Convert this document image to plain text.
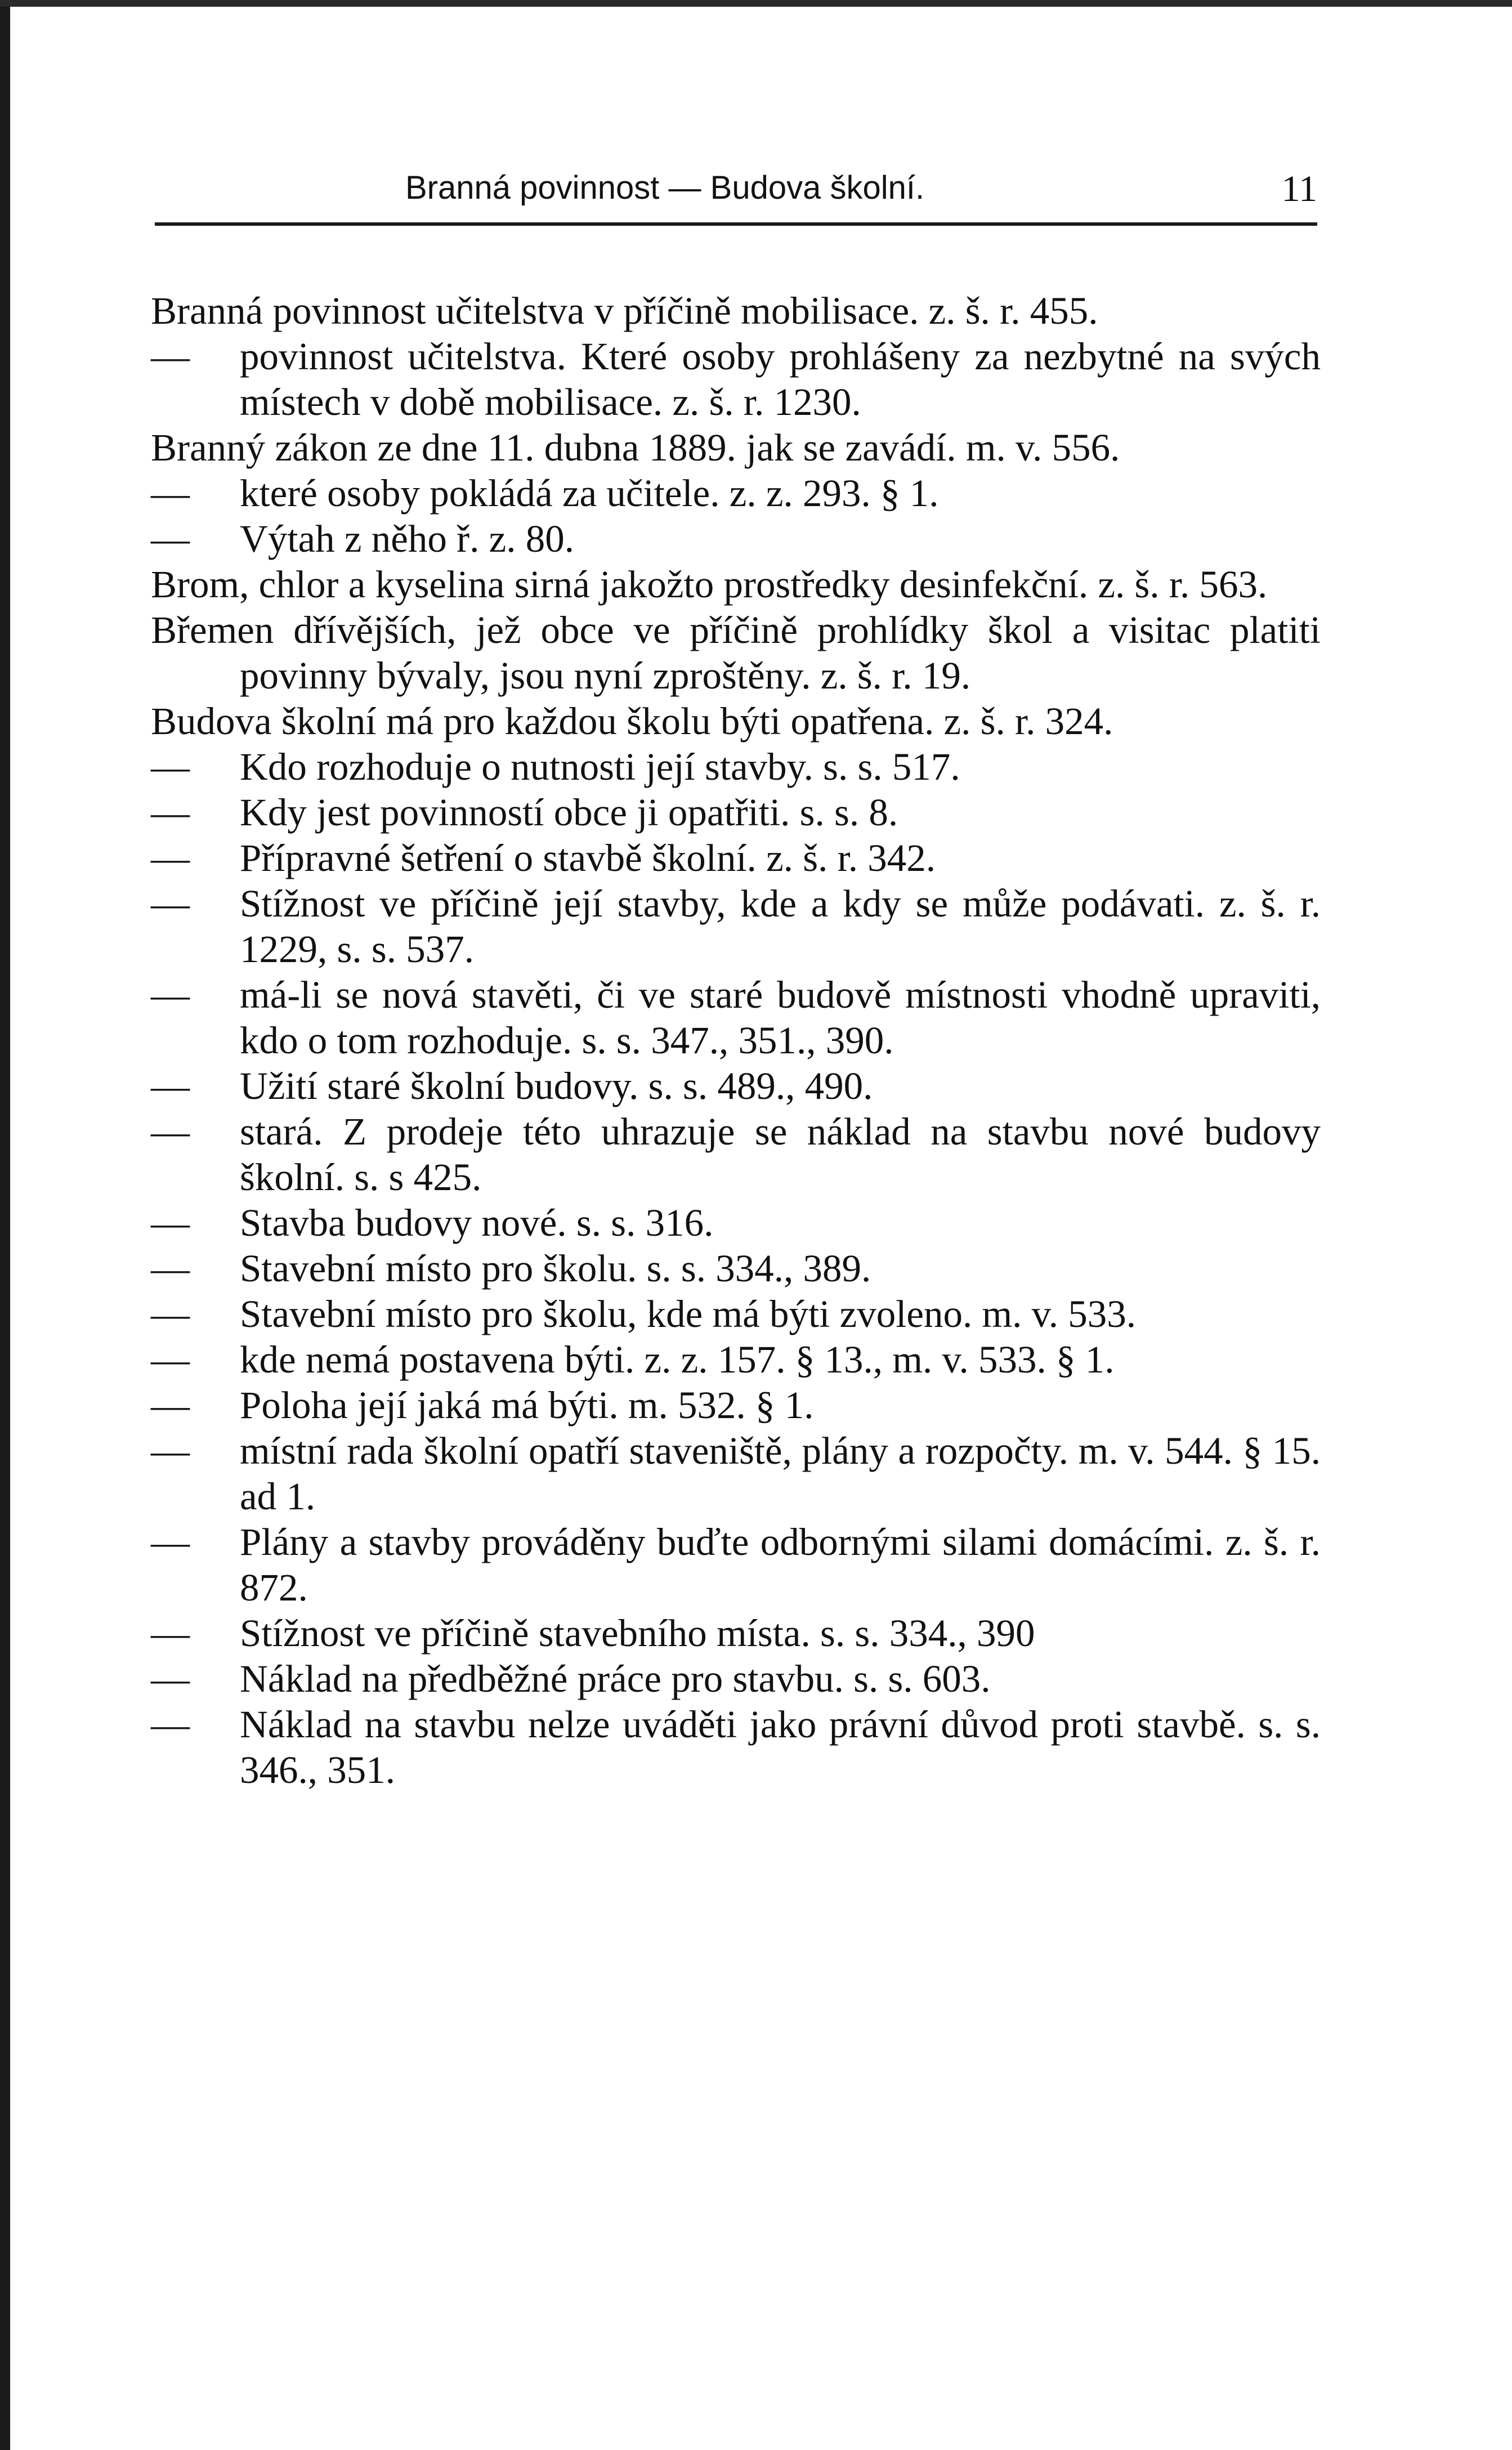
Branná povinnost — Budova školní.	11
Branná povinnost učitelstva v příčině mobilisace. z. š. r. 455.
— povinnost učitelstva. Které osoby prohlášeny za nezbytné na svých místech v době mobilisace. z. š. r. 1230.
Branný zákon ze dne 11. dubna 1889. jak se zavádí. m. v. 556.
— které osoby pokládá za učitele. z. z. 293. § 1.
— Výtah z něho ř. z. 80.
Brom, chlor a kyselina sirná jakožto prostředky desinfekční. z. š. r. 563.
Břemen dřívějších, jež obce ve příčině prohlídky škol a visitac platiti povinny bývaly, jsou nyní zproštěny. z. š. r. 19.
Budova školní má pro každou školu býti opatřena. z. š. r. 324.
— Kdo rozhoduje o nutnosti její stavby. s. s. 517.
— Kdy jest povinností obce ji opatřiti. s. s. 8.
— Přípravné šetření o stavbě školní. z. š. r. 342.
— Stížnost ve příčině její stavby, kde a kdy se může podávati. z. š. r. 1229, s. s. 537.
— má-li se nová stavěti, či ve staré budově místnosti vhodně upraviti, kdo o tom rozhoduje. s. s. 347., 351., 390.
— Užití staré školní budovy. s. s. 489., 490.
— stará. Z prodeje této uhrazuje se náklad na stavbu nové budovy školní. s. s 425.
— Stavba budovy nové. s. s. 316.
— Stavební místo pro školu. s. s. 334., 389.
— Stavební místo pro školu, kde má býti zvoleno. m. v. 533.
— kde nemá postavena býti. z. z. 157. § 13., m. v. 533. § 1.
— Poloha její jaká má býti. m. 532. § 1.
— místní rada školní opatří staveniště, plány a rozpočty. m. v. 544. § 15. ad 1.
— Plány a stavby prováděny buďte odbornými silami domácími. z. š. r. 872.
— Stížnost ve příčině stavebního místa. s. s. 334., 390
— Náklad na předběžné práce pro stavbu. s. s. 603.
— Náklad na stavbu nelze uváděti jako právní důvod proti stavbě. s. s. 346., 351.
